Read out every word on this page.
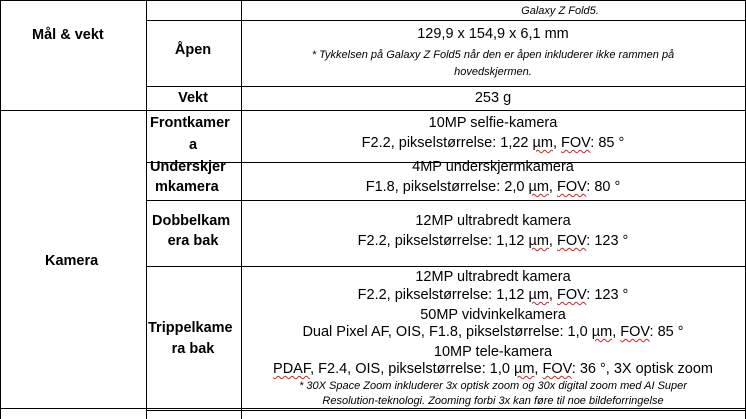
Mål & vekt
Galaxy Z Fold5.
Åpen
129,9 x 154,9 x 6,1 mm
* Tykkelsen på Galaxy Z Fold5 når den er åpen inkluderer ikke rammen på
hovedskjermen.
Vekt	253 g
Kamera
Frontkamer
a
10MP selfie-kamera
F2.2, pikselstørrelse: 1,22 µm, FOV: 85 °
Underskjer
mkamera
4MP underskjermkamera
F1.8, pikselstørrelse: 2,0 µm, FOV: 80 °
Dobbelkam
era bak
12MP ultrabredt kamera
F2.2, pikselstørrelse: 1,12 µm, FOV: 123 °
Trippelkame
ra bak
12MP ultrabredt kamera
F2.2, pikselstørrelse: 1,12 µm, FOV: 123 °
50MP vidvinkelkamera
Dual Pixel AF, OIS, F1.8, pikselstørrelse: 1,0 µm, FOV: 85 °
10MP tele-kamera
PDAF, F2.4, OIS, pikselstørrelse: 1,0 µm, FOV: 36 °, 3X optisk zoom
* 30X Space Zoom inkluderer 3x optisk zoom og 30x digital zoom med AI Super
Resolution-teknologi. Zooming forbi 3x kan føre til noe bildeforringelse
